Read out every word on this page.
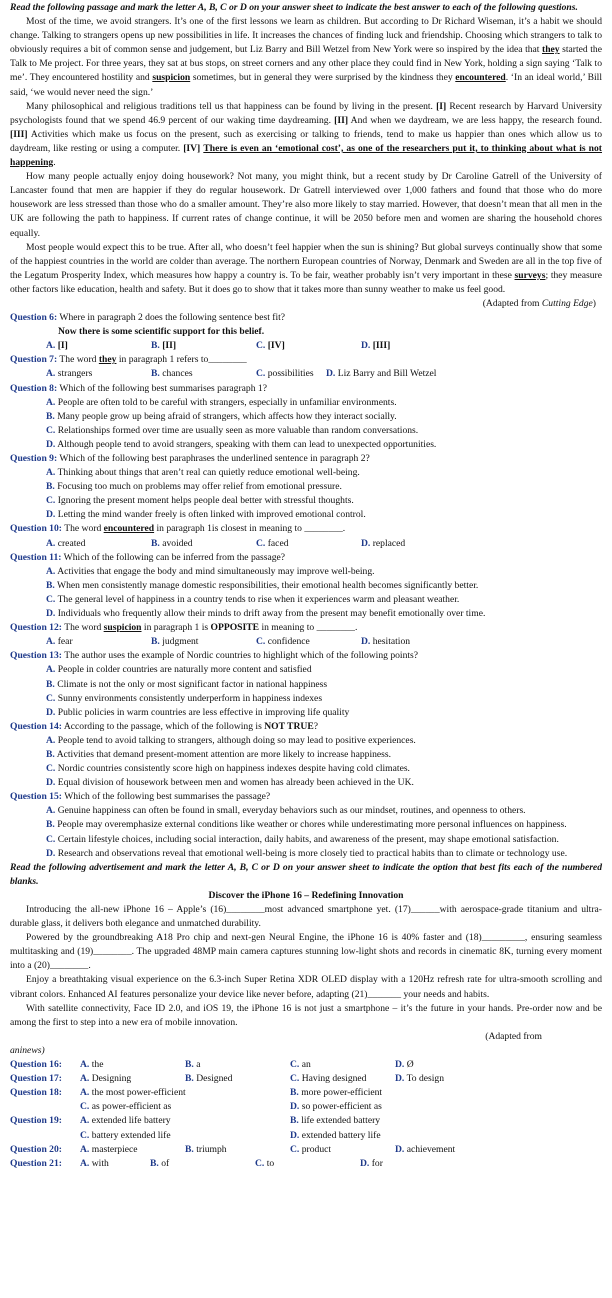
Read the following passage and mark the letter A, B, C or D on your answer sheet to indicate the best answer to each of the following questions.

Most of the time, we avoid strangers. It’s one of the first lessons we learn as children. But according to Dr Richard Wiseman, it’s a habit we should change. Talking to strangers opens up new possibilities in life. It increases the chances of finding luck and friendship. Choosing which strangers to talk to obviously requires a bit of common sense and judgement, but Liz Barry and Bill Wetzel from New York were so inspired by the idea that they started the Talk to Me project. For three years, they sat at bus stops, on street corners and any other place they could find in New York, holding a sign saying ‘Talk to me’. They encountered hostility and suspicion sometimes, but in general they were surprised by the kindness they encountered. ‘In an ideal world,’ Bill said, ‘we would never need the sign.’

Many philosophical and religious traditions tell us that happiness can be found by living in the present. [I] Recent research by Harvard University psychologists found that we spend 46.9 percent of our waking time daydreaming. [II] And when we daydream, we are less happy, the research found. [III] Activities which make us focus on the present, such as exercising or talking to friends, tend to make us happier than ones which allow us to daydream, like resting or using a computer. [IV] There is even an ‘emotional cost’, as one of the researchers put it, to thinking about what is not happening.

How many people actually enjoy doing housework? Not many, you might think, but a recent study by Dr Caroline Gatrell of the University of Lancaster found that men are happier if they do regular housework. Dr Gatrell interviewed over 1,000 fathers and found that those who do more housework are less stressed than those who do a smaller amount. They’re also more likely to stay married. However, that doesn’t mean that all men in the UK are following the path to happiness. If current rates of change continue, it will be 2050 before men and women are sharing the household chores equally.

Most people would expect this to be true. After all, who doesn’t feel happier when the sun is shining? But global surveys continually show that some of the happiest countries in the world are colder than average. The northern European countries of Norway, Denmark and Sweden are all in the top five of the Legatum Prosperity Index, which measures how happy a country is. To be fair, weather probably isn’t very important in these surveys; they measure other factors like education, health and safety. But it does go to show that it takes more than sunny weather to make us feel good.

(Adapted from Cutting Edge)

Question 6: Where in paragraph 2 does the following sentence best fit?

Now there is some scientific support for this belief.

A. [I]	B. [II]	C. [IV]	D. [III]

Question 7: The word they in paragraph 1 refers to________

A. strangers	B. chances	C. possibilities	D. Liz Barry and Bill Wetzel

Question 8: Which of the following best summarises paragraph 1?

A. People are often told to be careful with strangers, especially in unfamiliar environments.

B. Many people grow up being afraid of strangers, which affects how they interact socially.

C. Relationships formed over time are usually seen as more valuable than random conversations.

D. Although people tend to avoid strangers, speaking with them can lead to unexpected opportunities.

Question 9: Which of the following best paraphrases the underlined sentence in paragraph 2?

A. Thinking about things that aren’t real can quietly reduce emotional well-being.

B. Focusing too much on problems may offer relief from emotional pressure.

C. Ignoring the present moment helps people deal better with stressful thoughts.

D. Letting the mind wander freely is often linked with improved emotional control.

Question 10: The word encountered in paragraph 1is closest in meaning to ________.

A. created	B. avoided	C. faced	D. replaced

Question 11: Which of the following can be inferred from the passage?

A. Activities that engage the body and mind simultaneously may improve well-being.

B. When men consistently manage domestic responsibilities, their emotional health becomes significantly better.

C. The general level of happiness in a country tends to rise when it experiences warm and pleasant weather.

D. Individuals who frequently allow their minds to drift away from the present may benefit emotionally over time.

Question 12: The word suspicion in paragraph 1 is OPPOSITE in meaning to ________.

A. fear	B. judgment	C. confidence	D. hesitation

Question 13: The author uses the example of Nordic countries to highlight which of the following points?

A. People in colder countries are naturally more content and satisfied

B. Climate is not the only or most significant factor in national happiness

C. Sunny environments consistently underperform in happiness indexes

D. Public policies in warm countries are less effective in improving life quality

Question 14: According to the passage, which of the following is NOT TRUE?

A. People tend to avoid talking to strangers, although doing so may lead to positive experiences.

B. Activities that demand present-moment attention are more likely to increase happiness.

C. Nordic countries consistently score high on happiness indexes despite having cold climates.

D. Equal division of housework between men and women has already been achieved in the UK.

Question 15: Which of the following best summarises the passage?

A. Genuine happiness can often be found in small, everyday behaviors such as our mindset, routines, and openness to others.

B. People may overemphasize external conditions like weather or chores while underestimating more personal influences on happiness.

C. Certain lifestyle choices, including social interaction, daily habits, and awareness of the present, may shape emotional satisfaction.

D. Research and observations reveal that emotional well-being is more closely tied to practical habits than to climate or technology use.

Read the following advertisement and mark the letter A, B, C or D on your answer sheet to indicate the option that best fits each of the numbered blanks.

Discover the iPhone 16 – Redefining Innovation

Introducing the all-new iPhone 16 – Apple’s (16)________most advanced smartphone yet. (17)______with aerospace-grade titanium and ultra-durable glass, it delivers both elegance and unmatched durability.

Powered by the groundbreaking A18 Pro chip and next-gen Neural Engine, the iPhone 16 is 40% faster and (18)_________, ensuring seamless multitasking and (19)________. The upgraded 48MP main camera captures stunning low-light shots and records in cinematic 8K, turning every moment into a (20)________.

Enjoy a breathtaking visual experience on the 6.3-inch Super Retina XDR OLED display with a 120Hz refresh rate for ultra-smooth scrolling and vibrant colors. Enhanced AI features personalize your device like never before, adapting (21)_______ your needs and habits.

With satellite connectivity, Face ID 2.0, and iOS 19, the iPhone 16 is not just a smartphone – it’s the future in your hands. Pre-order now and be among the first to step into a new era of mobile innovation.

(Adapted from

aninews)

Question 16:	A. the	B. a	C. an	D. Ø
Question 17:	A. Designing	B. Designed	C. Having designed	D. To design
Question 18:	A. the most power-efficient	B. more power-efficient
C. as power-efficient as	D. so power-efficient as
Question 19:	A. extended life battery	B. life extended battery
C. battery extended life	D. extended battery life
Question 20:	A. masterpiece	B. triumph	C. product	D. achievement
Question 21:	A. with	B. of	C. to	D. for
